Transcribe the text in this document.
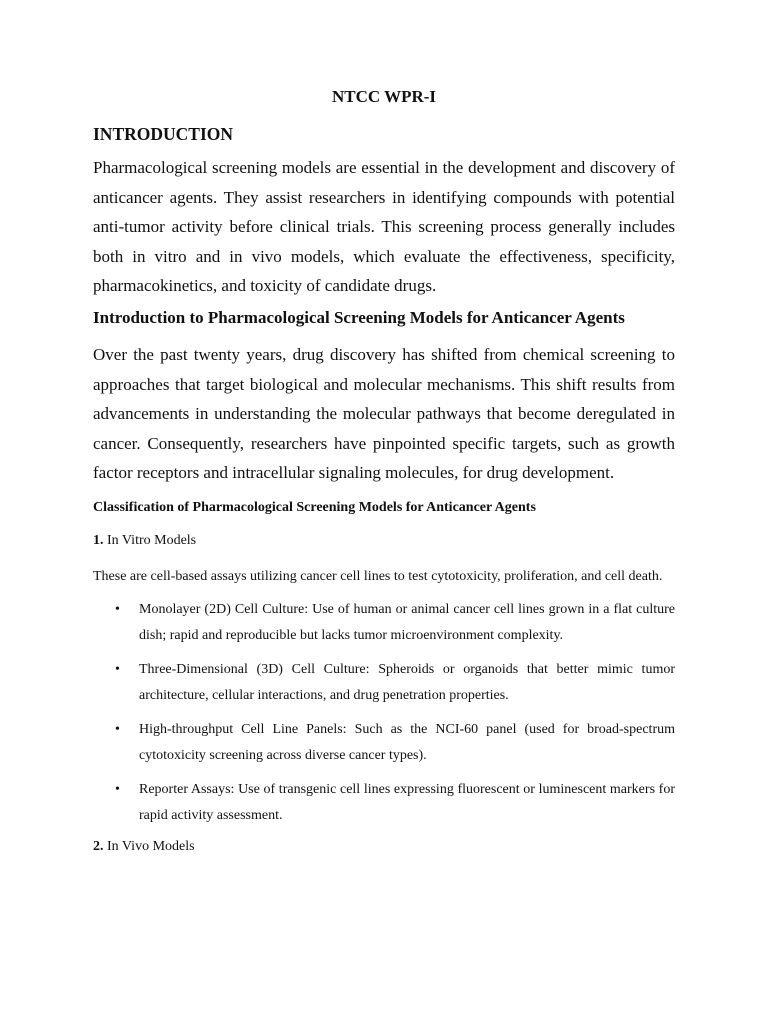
NTCC WPR-I
INTRODUCTION

Pharmacological screening models are essential in the development and discovery of anticancer agents. They assist researchers in identifying compounds with potential anti-tumor activity before clinical trials. This screening process generally includes both in vitro and in vivo models, which evaluate the effectiveness, specificity, pharmacokinetics, and toxicity of candidate drugs.

Introduction to Pharmacological Screening Models for Anticancer Agents

Over the past twenty years, drug discovery has shifted from chemical screening to approaches that target biological and molecular mechanisms. This shift results from advancements in understanding the molecular pathways that become deregulated in cancer. Consequently, researchers have pinpointed specific targets, such as growth factor receptors and intracellular signaling molecules, for drug development.

Classification of Pharmacological Screening Models for Anticancer Agents
1. In Vitro Models

These are cell-based assays utilizing cancer cell lines to test cytotoxicity, proliferation, and cell death.

• Monolayer (2D) Cell Culture: Use of human or animal cancer cell lines grown in a flat culture dish; rapid and reproducible but lacks tumor microenvironment complexity.
• Three-Dimensional (3D) Cell Culture: Spheroids or organoids that better mimic tumor architecture, cellular interactions, and drug penetration properties.
• High-throughput Cell Line Panels: Such as the NCI-60 panel (used for broad-spectrum cytotoxicity screening across diverse cancer types).
• Reporter Assays: Use of transgenic cell lines expressing fluorescent or luminescent markers for rapid activity assessment.
2. In Vivo Models
